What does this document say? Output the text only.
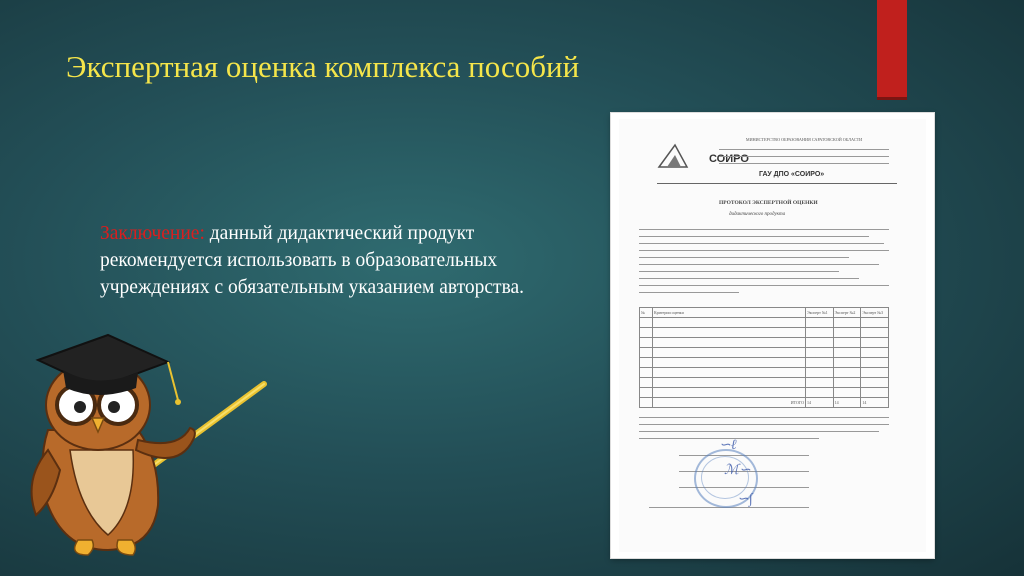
Экспертная оценка комплекса пособий
Заключение: данный дидактический продукт рекомендуется использовать в образовательных учреждениях с обязательным указанием авторства.
СОИРО
МИНИСТЕРСТВО ОБРАЗОВАНИЯ САРАТОВСКОЙ ОБЛАСТИ
ГАУ ДПО «СОИРО»
ПРОТОКОЛ ЭКСПЕРТНОЙ ОЦЕНКИ
дидактического продукта
№	Критерии оценки	Эксперт №1	Эксперт №2	Эксперт №3

	ИТОГО	14	14	14
∽ℓ
ℳ∽
∽∫
